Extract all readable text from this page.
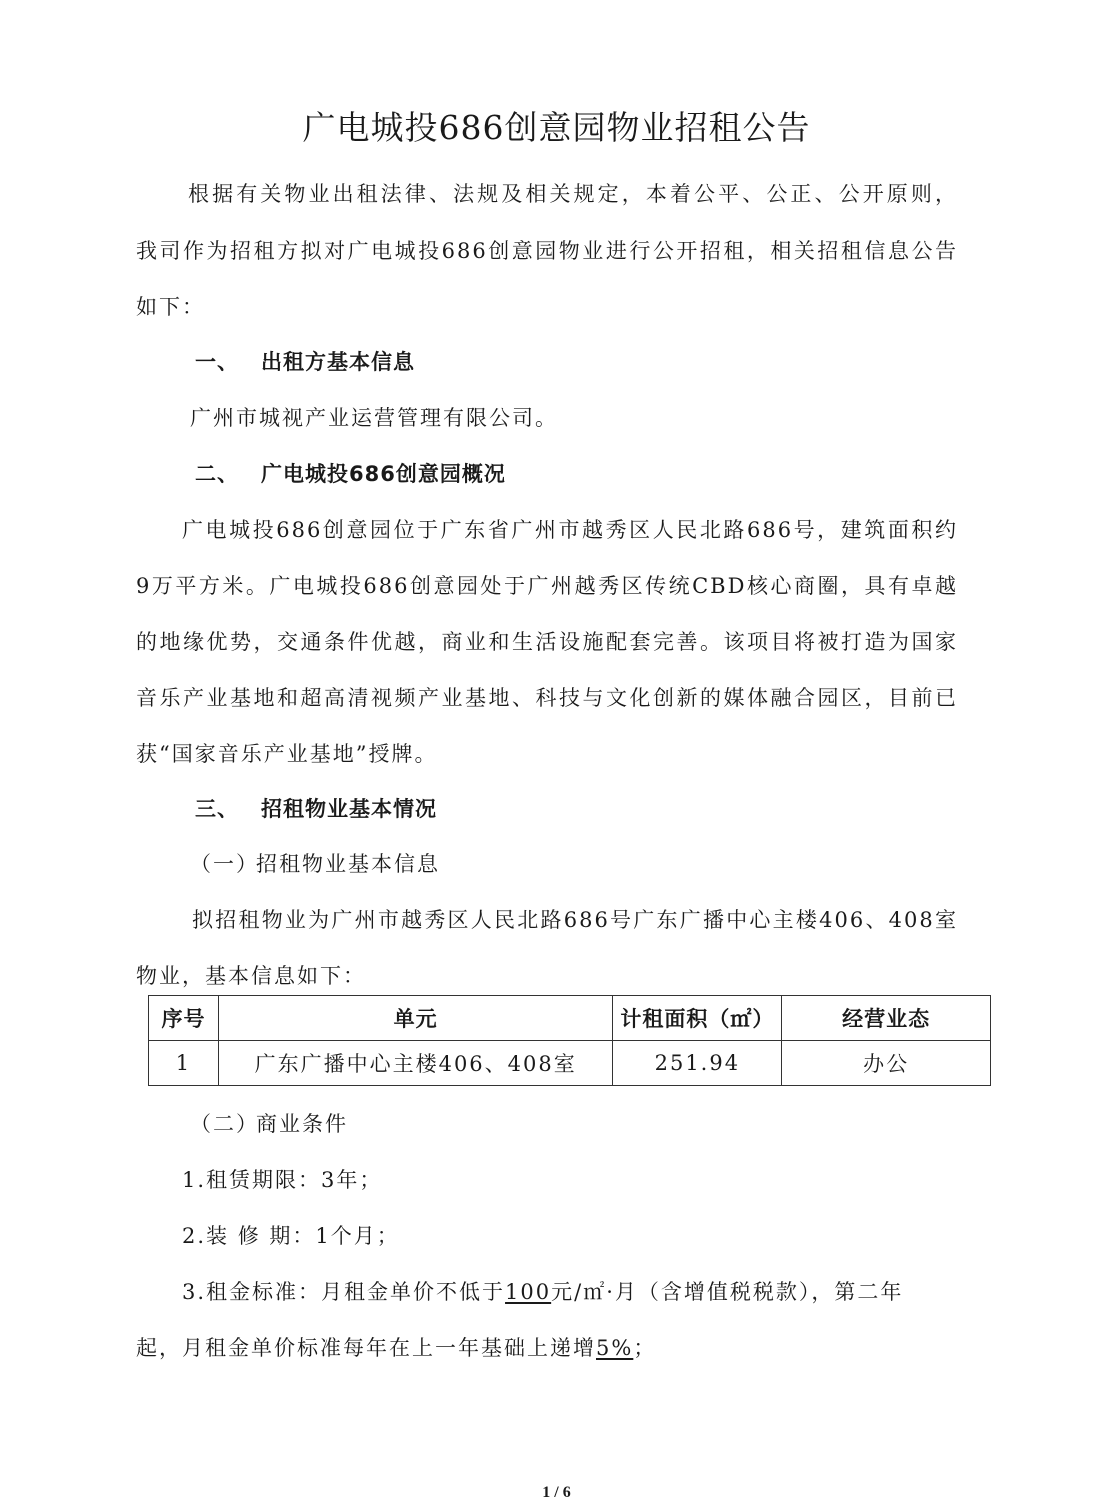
广电城投686创意园物业招租公告
根据有关物业出租法律、法规及相关规定，本着公平、公正、公开原则，
我司作为招租方拟对广电城投686创意园物业进行公开招租，相关招租信息公告
如下：
一、 出租方基本信息
广州市城视产业运营管理有限公司。
二、 广电城投686创意园概况
广电城投686创意园位于广东省广州市越秀区人民北路686号，建筑面积约
9万平方米。广电城投686创意园处于广州越秀区传统CBD核心商圈，具有卓越
的地缘优势，交通条件优越，商业和生活设施配套完善。该项目将被打造为国家
音乐产业基地和超高清视频产业基地、科技与文化创新的媒体融合园区，目前已
获“国家音乐产业基地”授牌。
三、 招租物业基本情况
（一）招租物业基本信息
拟招租物业为广州市越秀区人民北路686号广东广播中心主楼406、408室
物业，基本信息如下：
序号	单元	计租面积（㎡）	经营业态
1	广东广播中心主楼406、408室	251.94	办公
（二）商业条件
1.租赁期限：3年；
2.装 修 期：1个月；
3.租金标准：月租金单价不低于100元/㎡·月（含增值税税款），第二年
起，月租金单价标准每年在上一年基础上递增5%；
1 / 6
